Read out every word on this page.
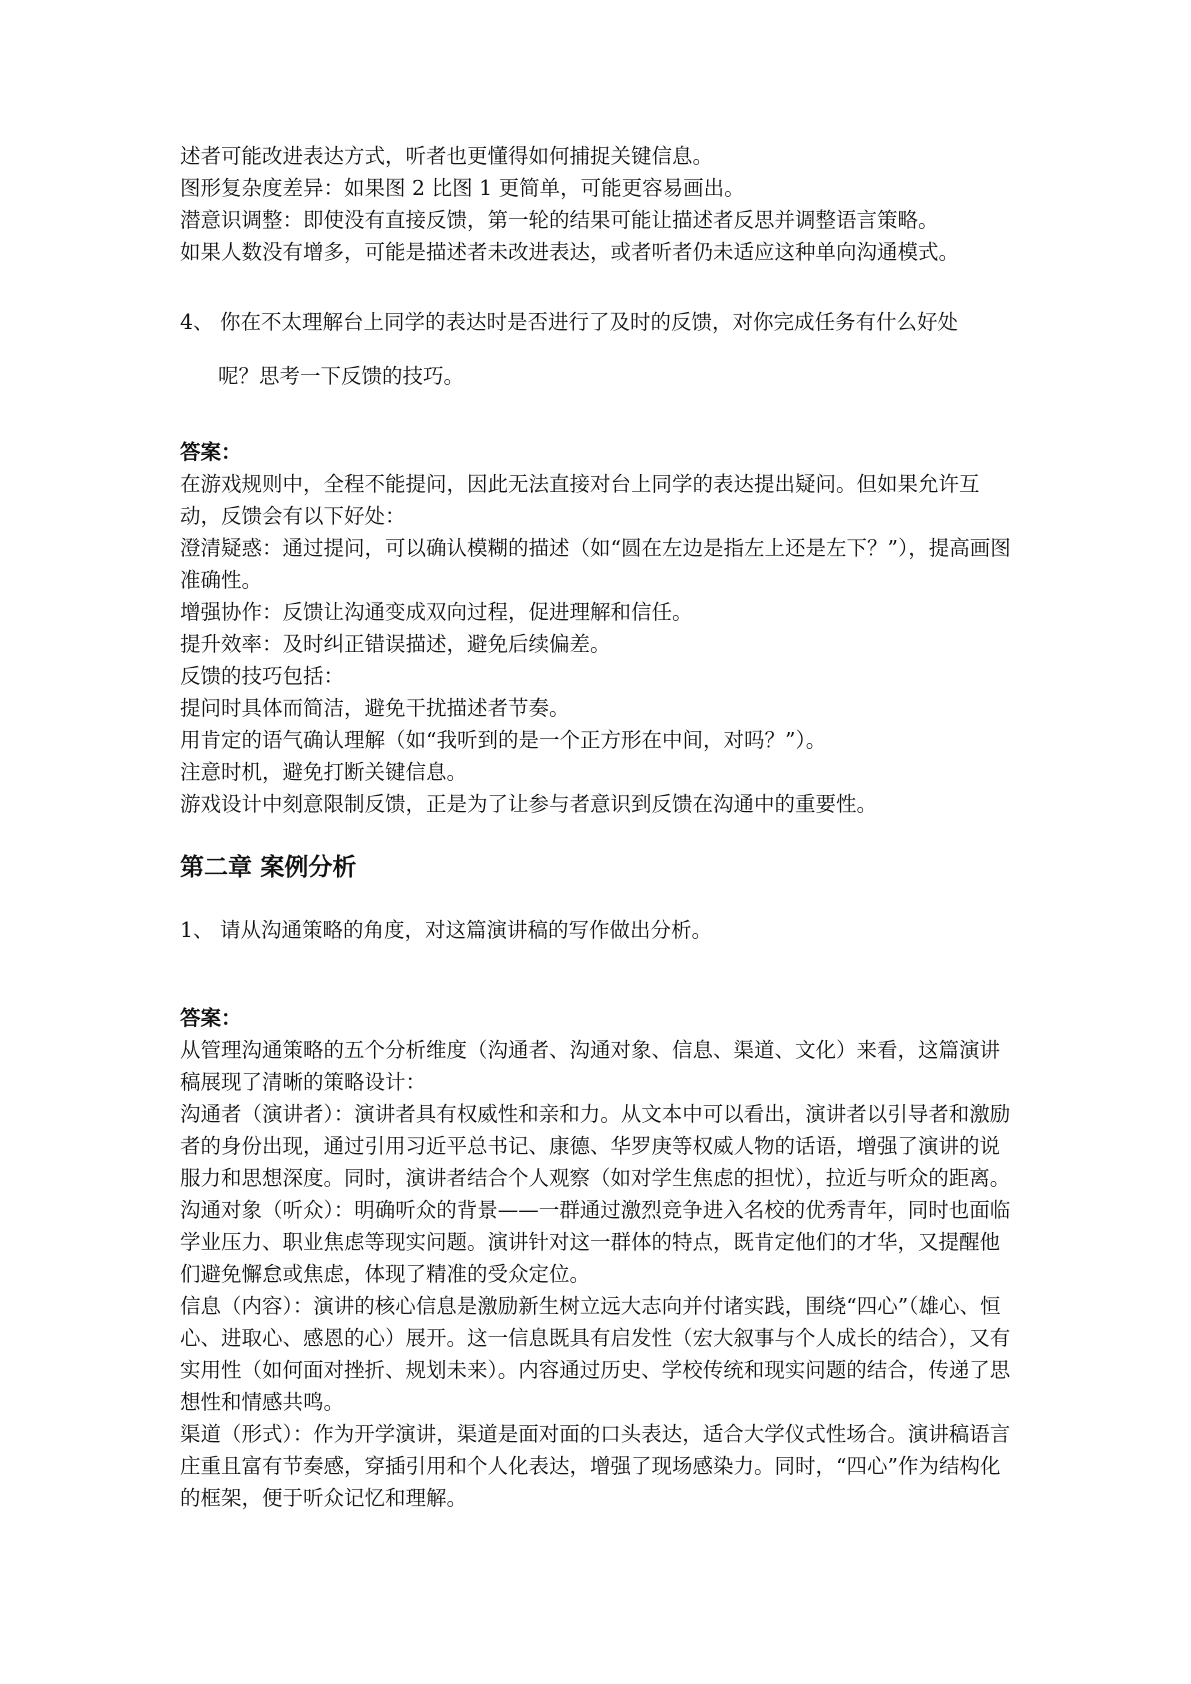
述者可能改进表达方式，听者也更懂得如何捕捉关键信息。

图形复杂度差异：如果图 2 比图 1 更简单，可能更容易画出。

潜意识调整：即使没有直接反馈，第一轮的结果可能让描述者反思并调整语言策略。

如果人数没有增多，可能是描述者未改进表达，或者听者仍未适应这种单向沟通模式。

4、 你在不太理解台上同学的表达时是否进行了及时的反馈，对你完成任务有什么好处

呢？思考一下反馈的技巧。

答案：

在游戏规则中，全程不能提问，因此无法直接对台上同学的表达提出疑问。但如果允许互动，反馈会有以下好处：

澄清疑惑：通过提问，可以确认模糊的描述（如“圆在左边是指左上还是左下？”），提高画图准确性。

增强协作：反馈让沟通变成双向过程，促进理解和信任。

提升效率：及时纠正错误描述，避免后续偏差。

反馈的技巧包括：

提问时具体而简洁，避免干扰描述者节奏。

用肯定的语气确认理解（如“我听到的是一个正方形在中间，对吗？”）。

注意时机，避免打断关键信息。

游戏设计中刻意限制反馈，正是为了让参与者意识到反馈在沟通中的重要性。

第二章 案例分析

1、 请从沟通策略的角度，对这篇演讲稿的写作做出分析。

答案：

从管理沟通策略的五个分析维度（沟通者、沟通对象、信息、渠道、文化）来看，这篇演讲稿展现了清晰的策略设计：

沟通者（演讲者）：演讲者具有权威性和亲和力。从文本中可以看出，演讲者以引导者和激励者的身份出现，通过引用习近平总书记、康德、华罗庚等权威人物的话语，增强了演讲的说服力和思想深度。同时，演讲者结合个人观察（如对学生焦虑的担忧），拉近与听众的距离。

沟通对象（听众）：明确听众的背景——一群通过激烈竞争进入名校的优秀青年，同时也面临学业压力、职业焦虑等现实问题。演讲针对这一群体的特点，既肯定他们的才华，又提醒他们避免懈怠或焦虑，体现了精准的受众定位。

信息（内容）：演讲的核心信息是激励新生树立远大志向并付诸实践，围绕“四心”（雄心、恒心、进取心、感恩的心）展开。这一信息既具有启发性（宏大叙事与个人成长的结合），又有实用性（如何面对挫折、规划未来）。内容通过历史、学校传统和现实问题的结合，传递了思想性和情感共鸣。

渠道（形式）：作为开学演讲，渠道是面对面的口头表达，适合大学仪式性场合。演讲稿语言庄重且富有节奏感，穿插引用和个人化表达，增强了现场感染力。同时，“四心”作为结构化的框架，便于听众记忆和理解。
